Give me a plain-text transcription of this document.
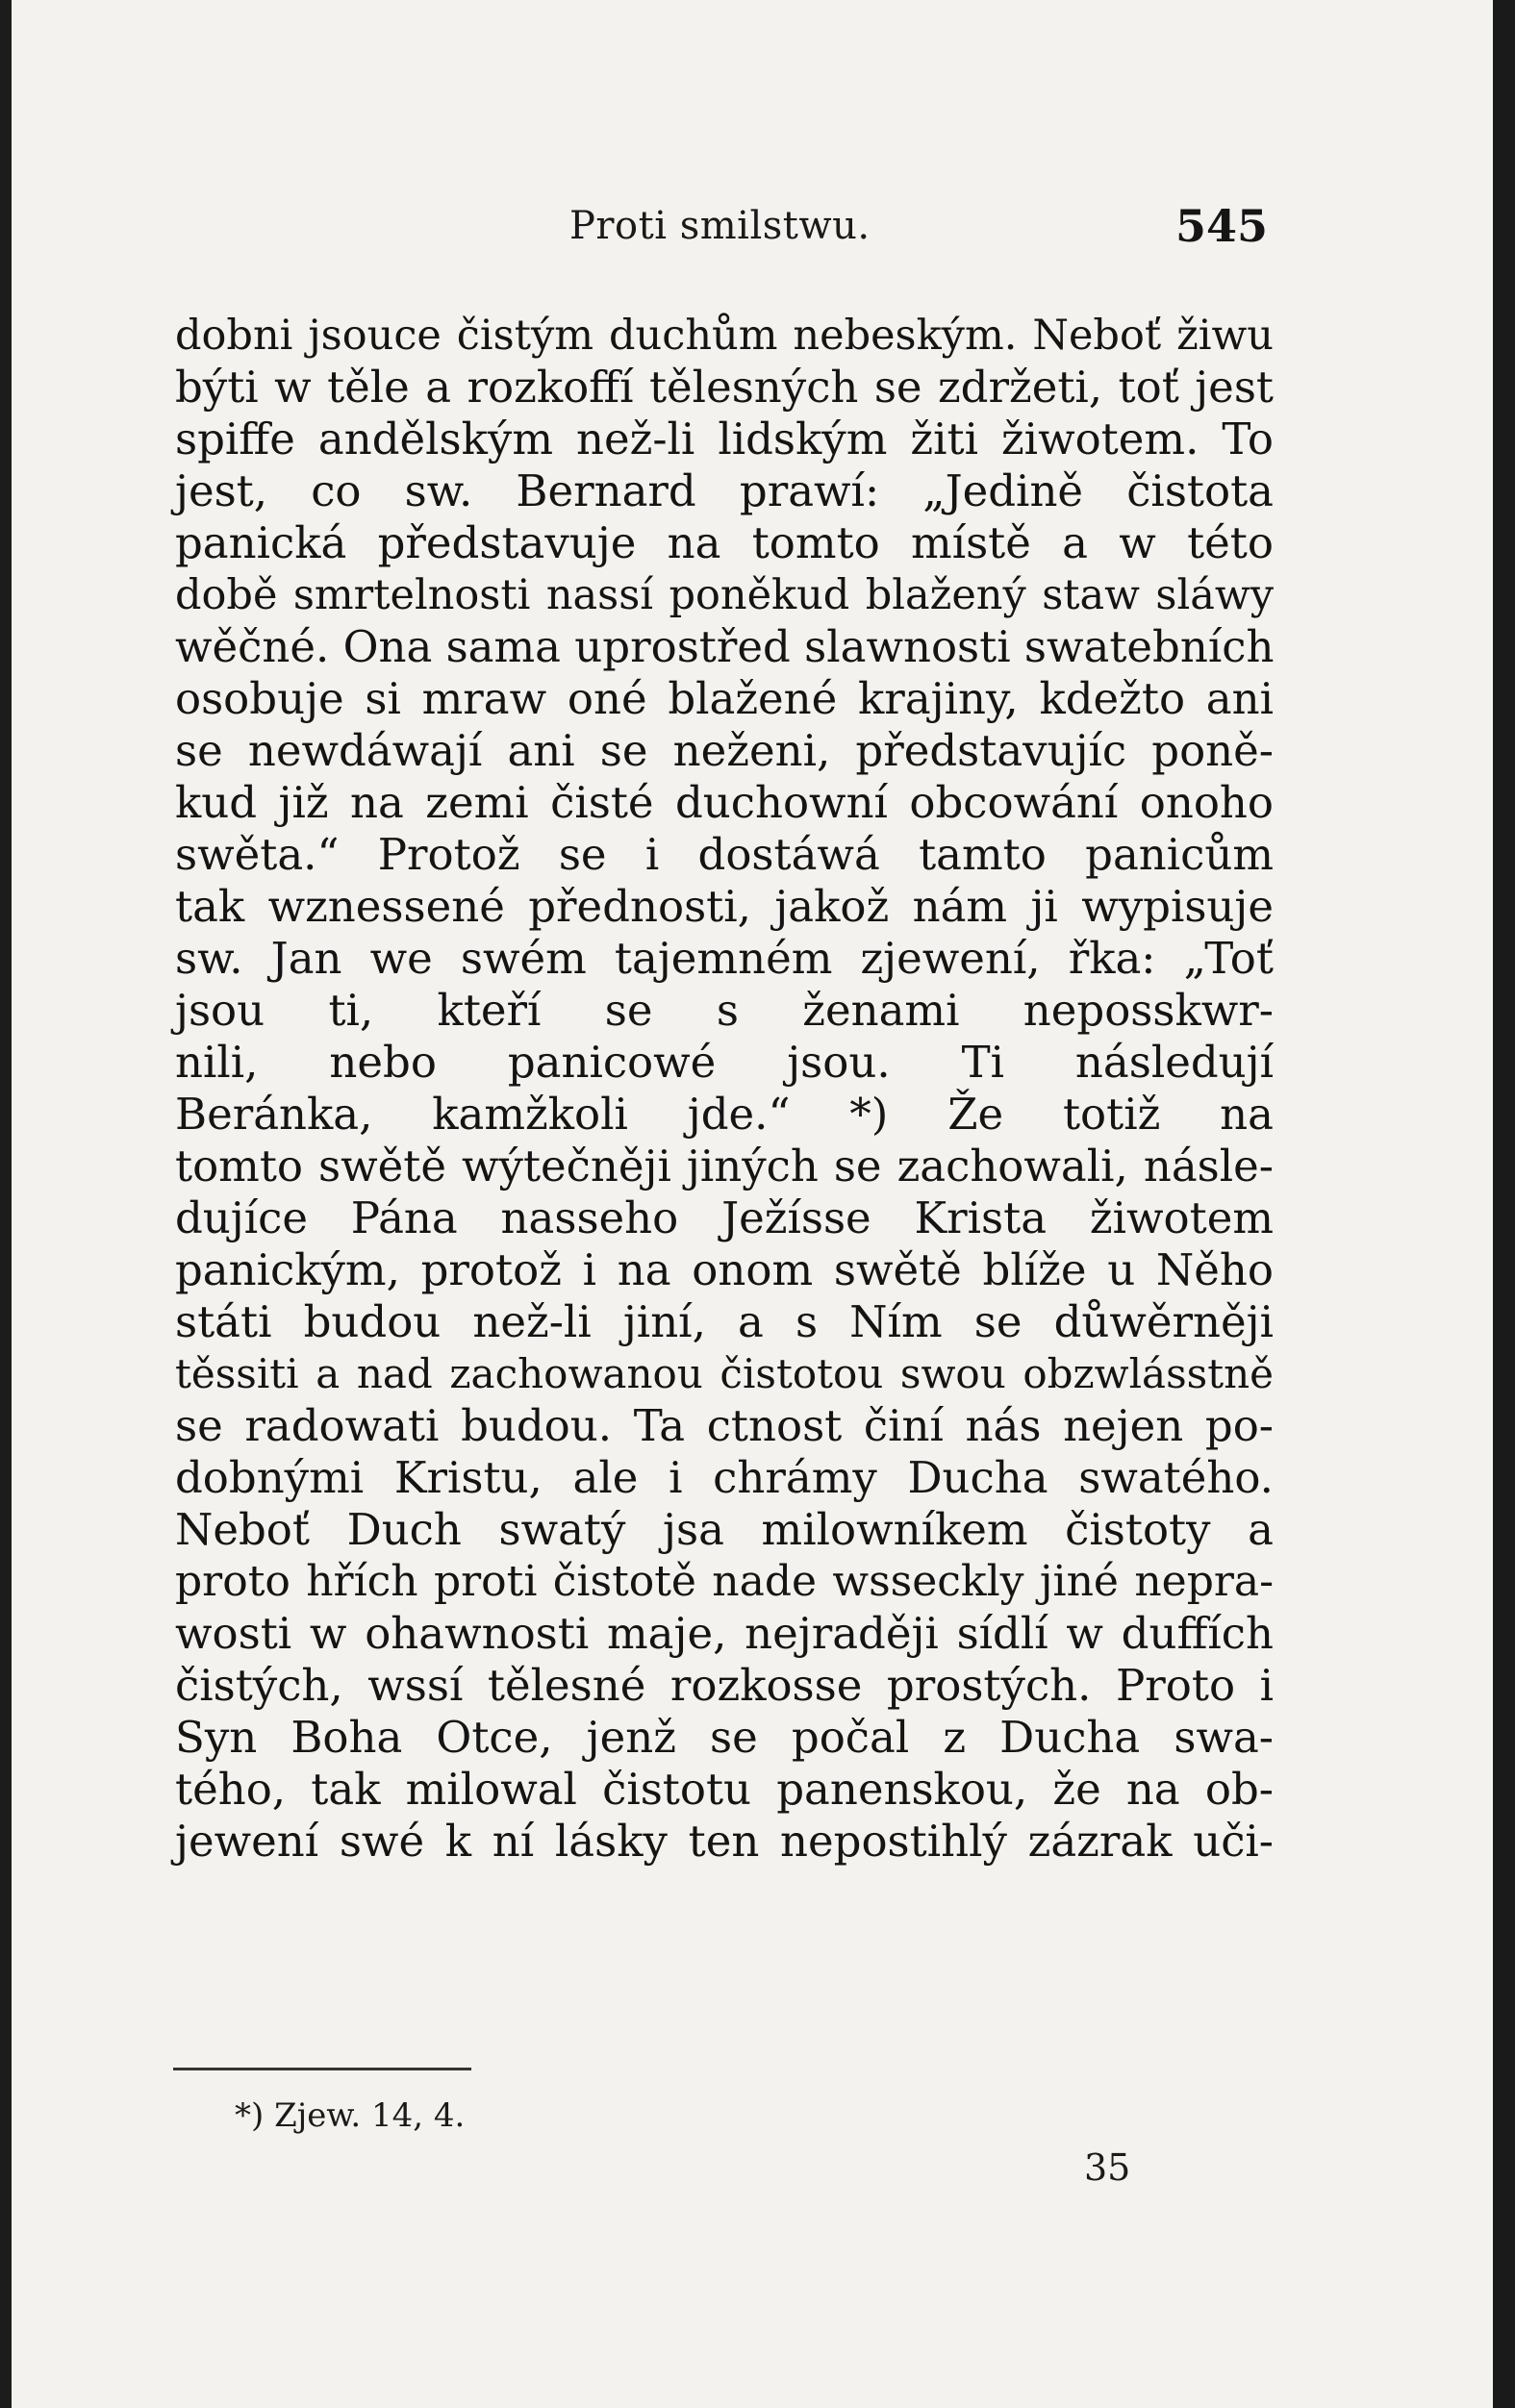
Proti smilstwu.	545
dobni jsouce čistým duchům nebeským. Neboť žiwu
býti w těle a rozkoffí tělesných se zdržeti, toť jest
spiffe andělským než-li lidským žiti žiwotem. To
jest, co sw. Bernard prawí: „Jedině čistota
panická představuje na tomto místě a w této
době smrtelnosti nassí poněkud blažený staw sláwy
wěčné. Ona sama uprostřed slawnosti swatebních
osobuje si mraw oné blažené krajiny, kdežto ani
se newdáwají ani se neženi, představujíc poně-
kud již na zemi čisté duchowní obcowání onoho
swěta.“ Protož se i dostáwá tamto panicům
tak wznessené přednosti, jakož nám ji wypisuje
sw. Jan we swém tajemném zjewení, řka: „Toť
jsou ti, kteří se s ženami neposskwr-
nili, nebo panicowé jsou. Ti následují
Beránka, kamžkoli jde.“ *) Že totiž na
tomto swětě wýtečněji jiných se zachowali, násle-
dujíce Pána nasseho Ježísse Krista žiwotem
panickým, protož i na onom swětě blíže u Něho
státi budou než-li jiní, a s Ním se důwěrněji
těssiti a nad zachowanou čistotou swou obzwlásstně
se radowati budou. Ta ctnost činí nás nejen po-
dobnými Kristu, ale i chrámy Ducha swatého.
Neboť Duch swatý jsa milowníkem čistoty a
proto hřích proti čistotě nade wsseckly jiné nepra-
wosti w ohawnosti maje, nejraději sídlí w duffích
čistých, wssí tělesné rozkosse prostých. Proto i
Syn Boha Otce, jenž se počal z Ducha swa-
tého, tak milowal čistotu panenskou, že na ob-
jewení swé k ní lásky ten nepostihlý zázrak uči-
*) Zjew. 14, 4.
35
